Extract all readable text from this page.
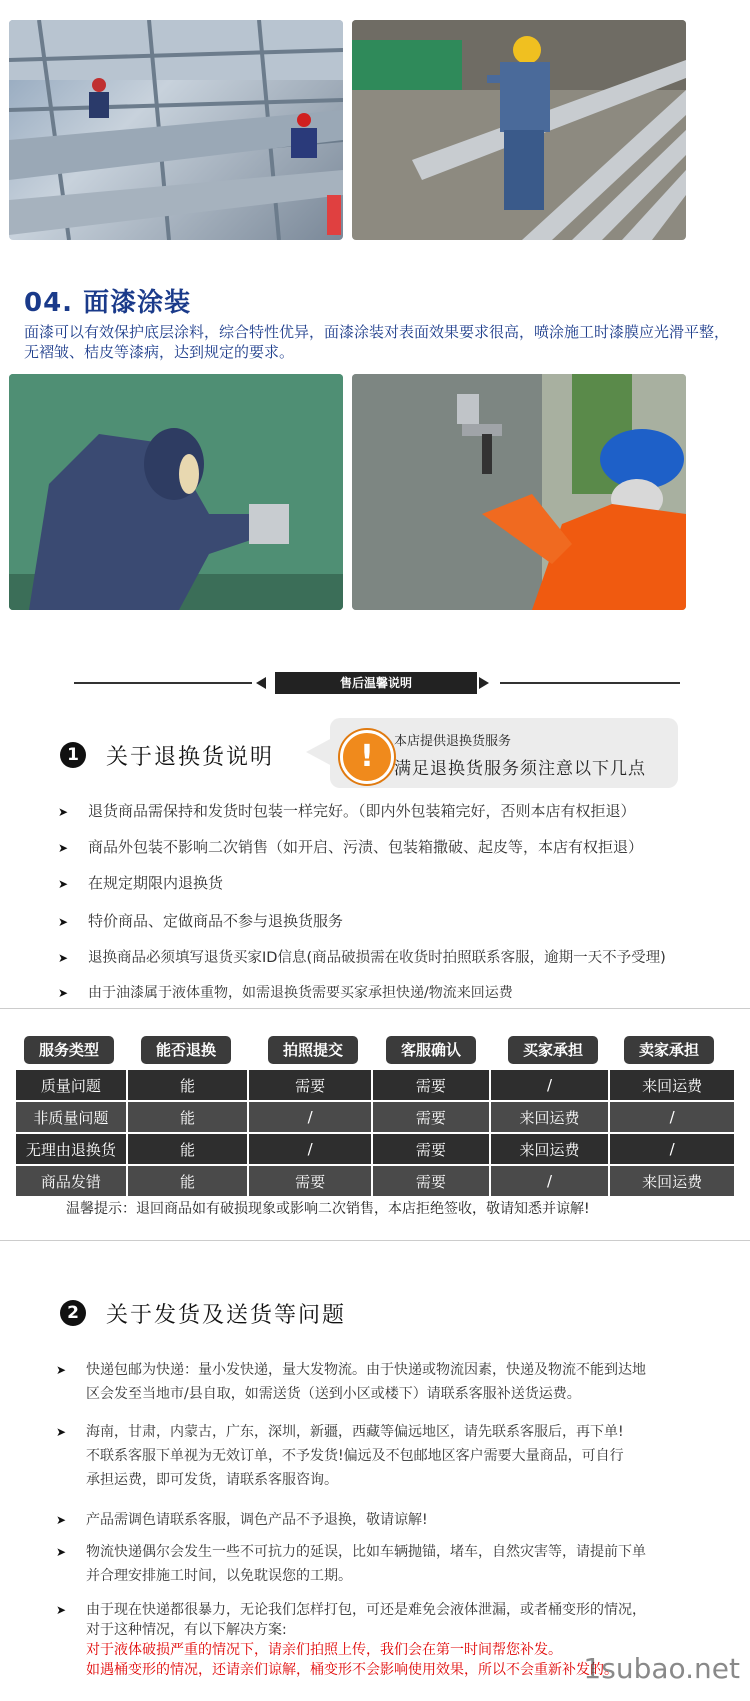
04. 面漆涂装
面漆可以有效保护底层涂料，综合特性优异，面漆涂装对表面效果要求很高，喷涂施工时漆膜应光滑平整，无褶皱、桔皮等漆病，达到规定的要求。
售后温馨说明
1	关于退换货说明
本店提供退换货服务
满足退换货服务须注意以下几点
!
➤ 退货商品需保持和发货时包装一样完好。（即内外包装箱完好，否则本店有权拒退）
➤ 商品外包装不影响二次销售（如开启、污渍、包装箱撒破、起皮等，本店有权拒退）
➤ 在规定期限内退换货
➤ 特价商品、定做商品不参与退换货服务
➤ 退换商品必须填写退货买家ID信息(商品破损需在收货时拍照联系客服，逾期一天不予受理)
➤ 由于油漆属于液体重物，如需退换货需要买家承担快递/物流来回运费
服务类型	能否退换	拍照提交	客服确认	买家承担	卖家承担
质量问题	能	需要	需要	/	来回运费
非质量问题	能	/	需要	来回运费	/
无理由退换货	能	/	需要	来回运费	/
商品发错	能	需要	需要	/	来回运费
温馨提示：退回商品如有破损现象或影响二次销售，本店拒绝签收，敬请知悉并谅解!
2	关于发货及送货等问题
➤ 快递包邮为快递：量小发快递，量大发物流。由于快递或物流因素，快递及物流不能到达地
区会发至当地市/县自取，如需送货（送到小区或楼下）请联系客服补送货运费。
➤ 海南，甘肃，内蒙古，广东，深圳，新疆，西藏等偏远地区，请先联系客服后，再下单!
不联系客服下单视为无效订单，不予发货!偏远及不包邮地区客户需要大量商品，可自行
承担运费，即可发货，请联系客服咨询。
➤ 产品需调色请联系客服，调色产品不予退换，敬请谅解!
➤ 物流快递偶尔会发生一些不可抗力的延误，比如车辆抛锚，堵车，自然灾害等，请提前下单
并合理安排施工时间，以免耽误您的工期。
➤ 由于现在快递都很暴力，无论我们怎样打包，可还是难免会液体泄漏，或者桶变形的情况，
对于这种情况，有以下解决方案:
对于液体破损严重的情况下，请亲们拍照上传，我们会在第一时间帮您补发。
如遇桶变形的情况，还请亲们谅解，桶变形不会影响使用效果，所以不会重新补发的。
1subao.net
